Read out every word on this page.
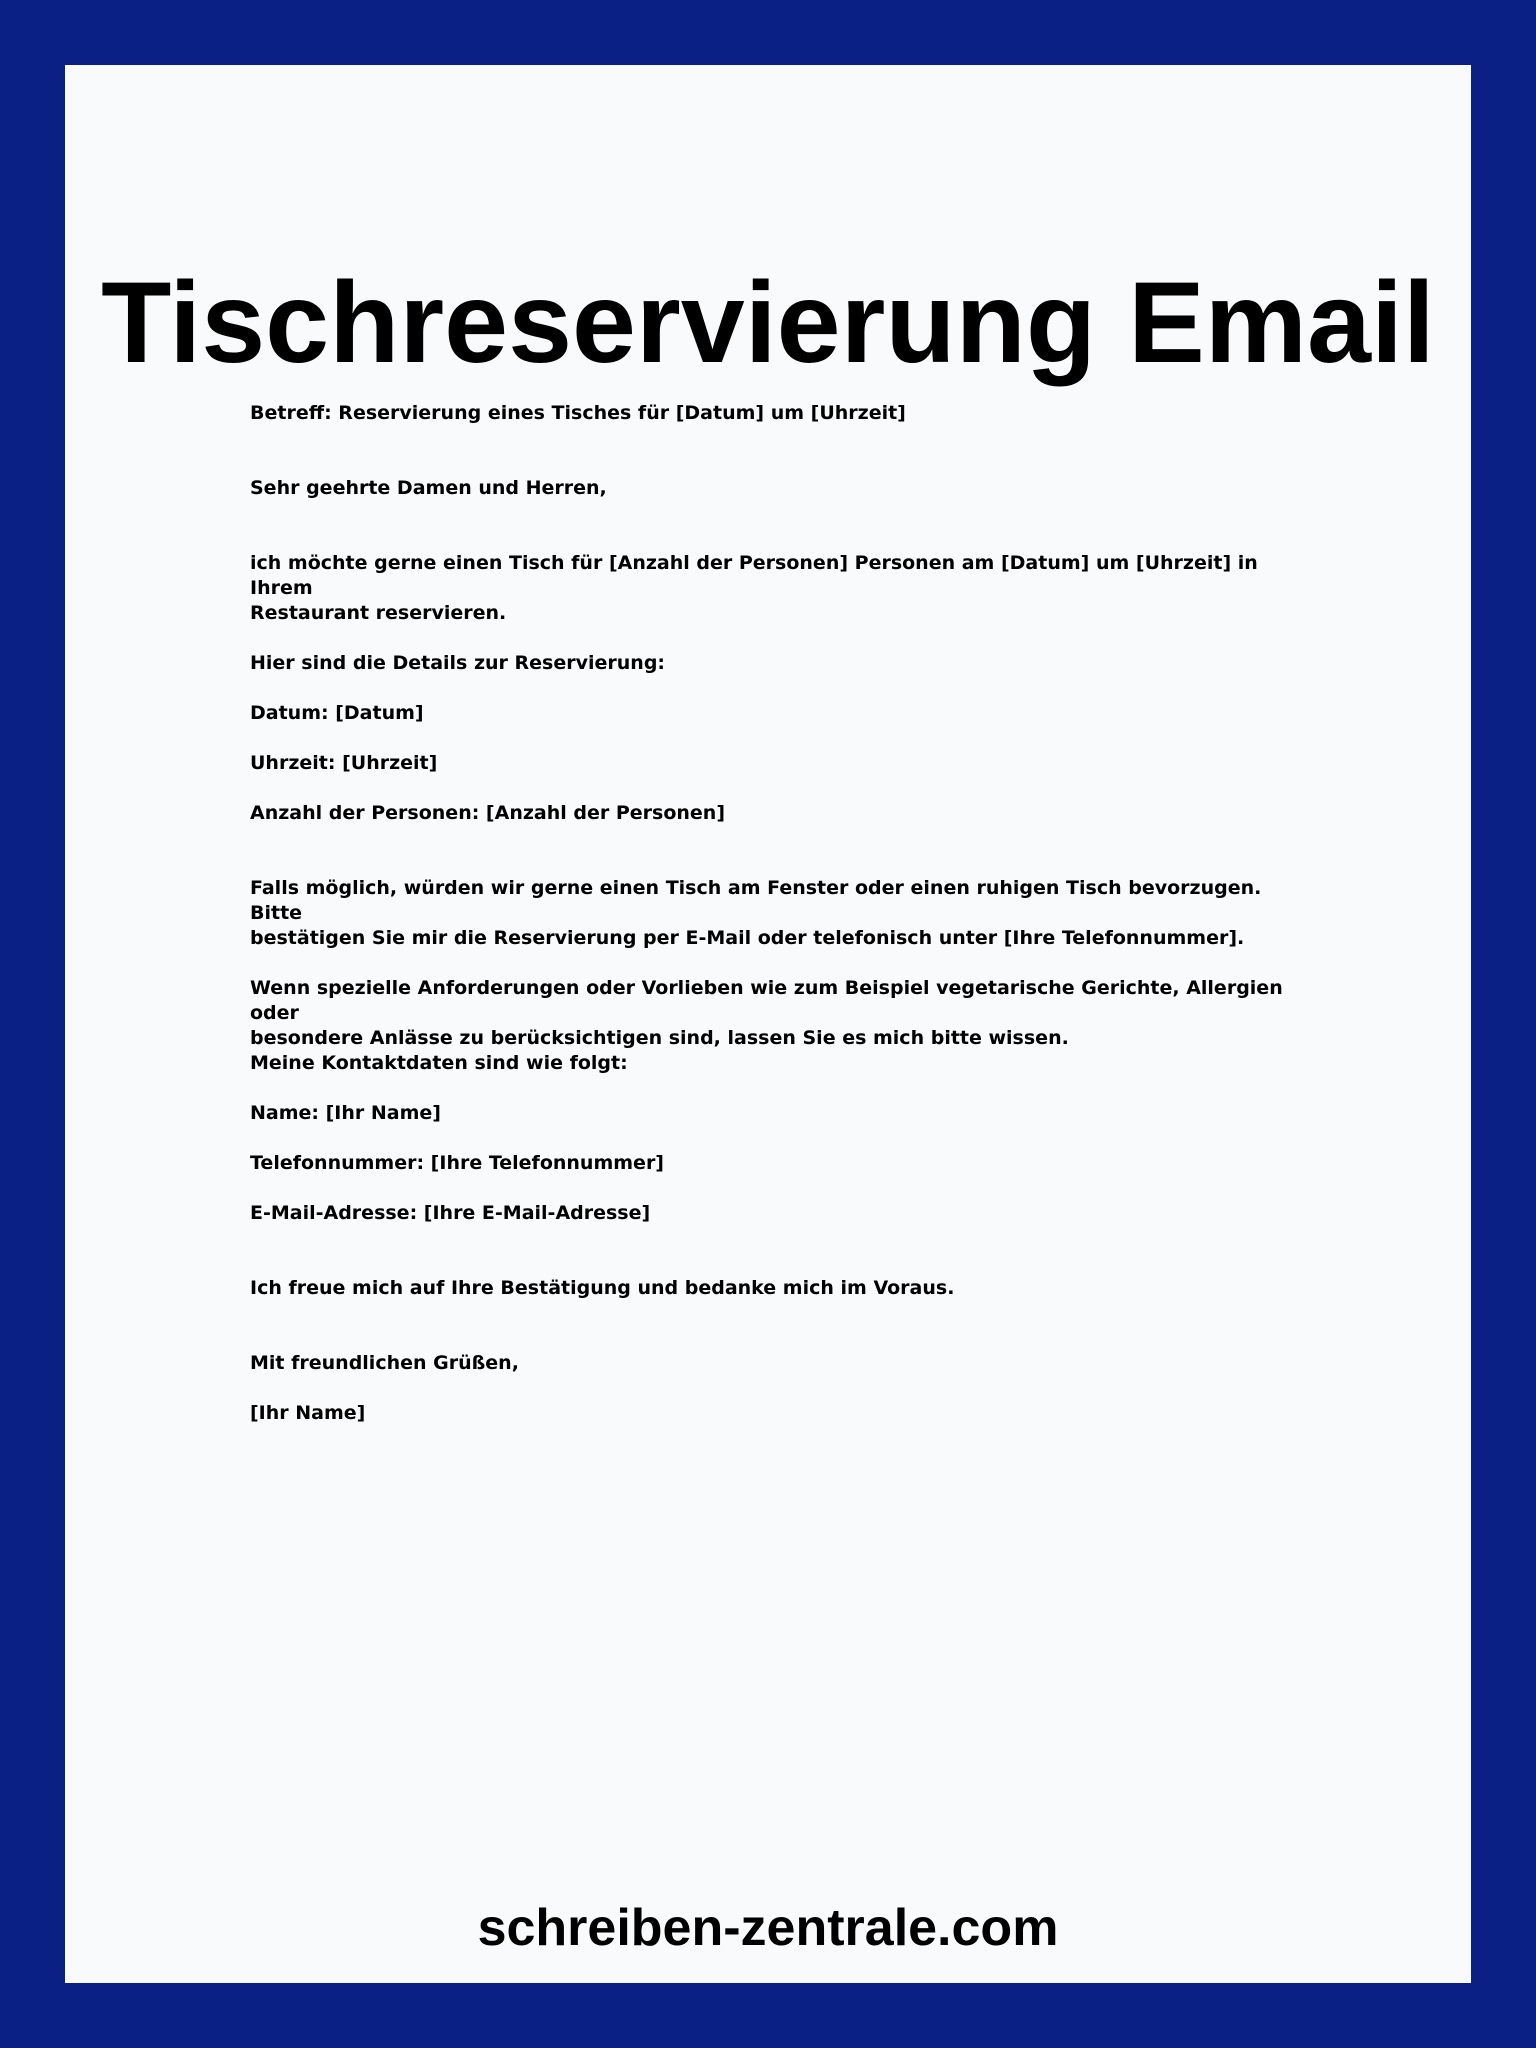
Tischreservierung Email

Betreff: Reservierung eines Tisches für [Datum] um [Uhrzeit]

Sehr geehrte Damen und Herren,

ich möchte gerne einen Tisch für [Anzahl der Personen] Personen am [Datum] um [Uhrzeit] in Ihrem
Restaurant reservieren.

Hier sind die Details zur Reservierung:

Datum: [Datum]

Uhrzeit: [Uhrzeit]

Anzahl der Personen: [Anzahl der Personen]

Falls möglich, würden wir gerne einen Tisch am Fenster oder einen ruhigen Tisch bevorzugen. Bitte
bestätigen Sie mir die Reservierung per E-Mail oder telefonisch unter [Ihre Telefonnummer].

Wenn spezielle Anforderungen oder Vorlieben wie zum Beispiel vegetarische Gerichte, Allergien oder
besondere Anlässe zu berücksichtigen sind, lassen Sie es mich bitte wissen.

Meine Kontaktdaten sind wie folgt:

Name: [Ihr Name]

Telefonnummer: [Ihre Telefonnummer]

E-Mail-Adresse: [Ihre E-Mail-Adresse]

Ich freue mich auf Ihre Bestätigung und bedanke mich im Voraus.

Mit freundlichen Grüßen,

[Ihr Name]

schreiben-zentrale.com
